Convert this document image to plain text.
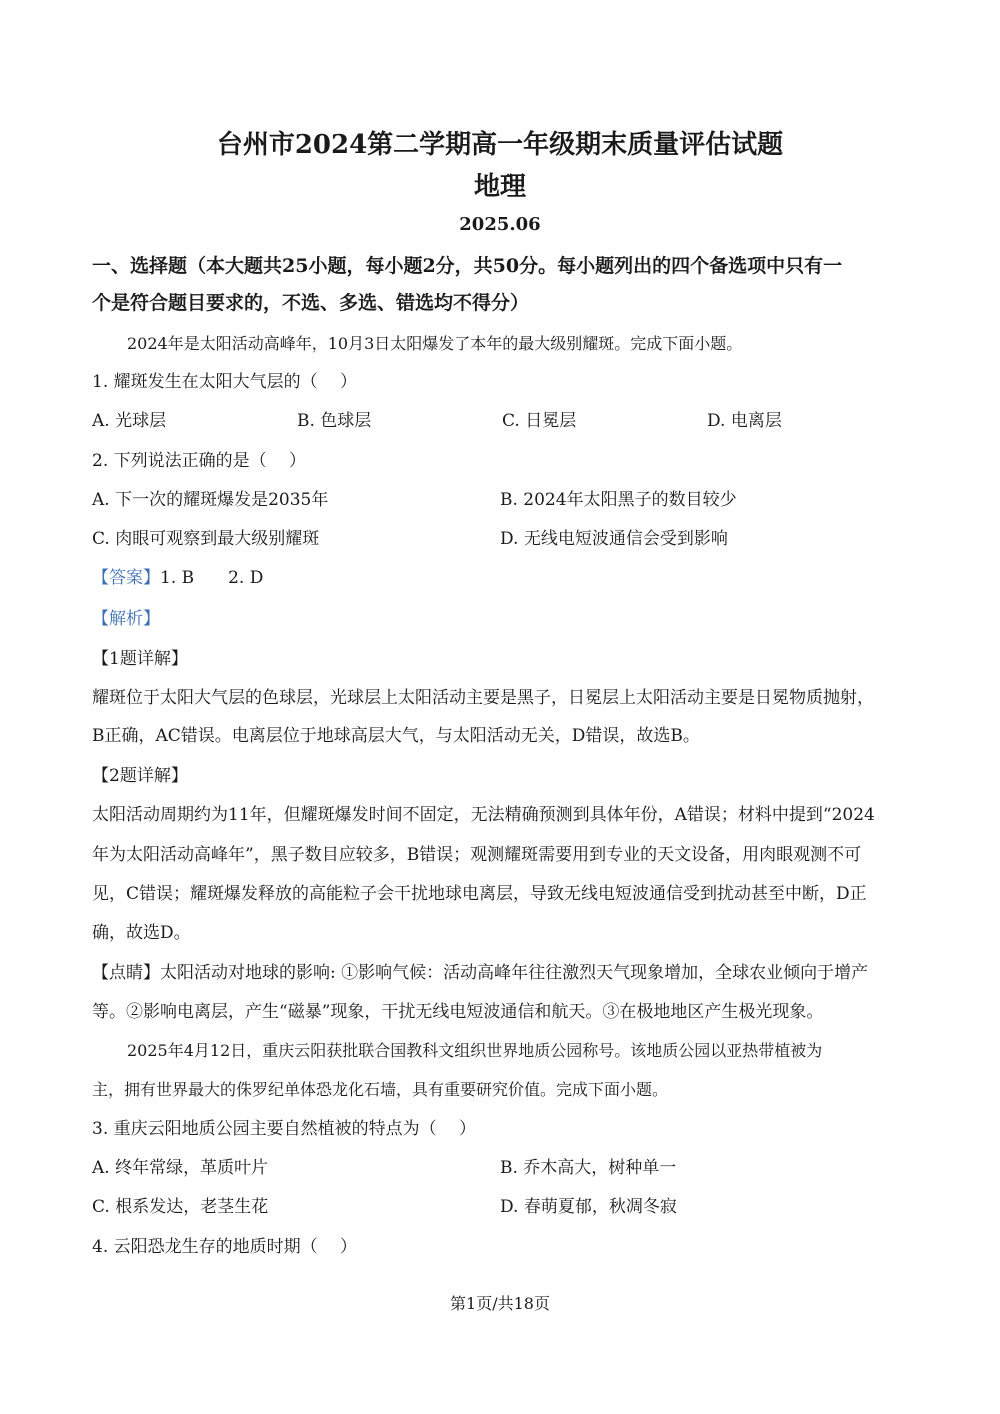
台州市2024第二学期高一年级期末质量评估试题
地理
2025.06
一、选择题（本大题共25小题，每小题2分，共50分。每小题列出的四个备选项中只有一
个是符合题目要求的，不选、多选、错选均不得分）
2024年是太阳活动高峰年，10月3日太阳爆发了本年的最大级别耀斑。完成下面小题。
1. 耀斑发生在太阳大气层的（　 ）
A. 光球层	B. 色球层	C. 日冕层	D. 电离层
2. 下列说法正确的是（　 ）
A. 下一次的耀斑爆发是2035年	B. 2024年太阳黑子的数目较少
C. 肉眼可观察到最大级别耀斑	D. 无线电短波通信会受到影响
【答案】1. B　　2. D
【解析】
【1题详解】
耀斑位于太阳大气层的色球层，光球层上太阳活动主要是黑子，日冕层上太阳活动主要是日冕物质抛射，
B正确，AC错误。电离层位于地球高层大气，与太阳活动无关，D错误，故选B。
【2题详解】
太阳活动周期约为11年，但耀斑爆发时间不固定，无法精确预测到具体年份，A错误；材料中提到“2024
年为太阳活动高峰年”，黑子数目应较多，B错误；观测耀斑需要用到专业的天文设备，用肉眼观测不可
见，C错误；耀斑爆发释放的高能粒子会干扰地球电离层，导致无线电短波通信受到扰动甚至中断，D正
确，故选D。
【点睛】太阳活动对地球的影响: ①影响气候：活动高峰年往往激烈天气现象增加，全球农业倾向于增产
等。②影响电离层，产生“磁暴”现象，干扰无线电短波通信和航天。③在极地地区产生极光现象。
2025年4月12日，重庆云阳获批联合国教科文组织世界地质公园称号。该地质公园以亚热带植被为
主，拥有世界最大的侏罗纪单体恐龙化石墙，具有重要研究价值。完成下面小题。
3. 重庆云阳地质公园主要自然植被的特点为（　 ）
A. 终年常绿，革质叶片	B. 乔木高大，树种单一
C. 根系发达，老茎生花	D. 春萌夏郁，秋凋冬寂
4. 云阳恐龙生存的地质时期（　 ）
第1页/共18页
